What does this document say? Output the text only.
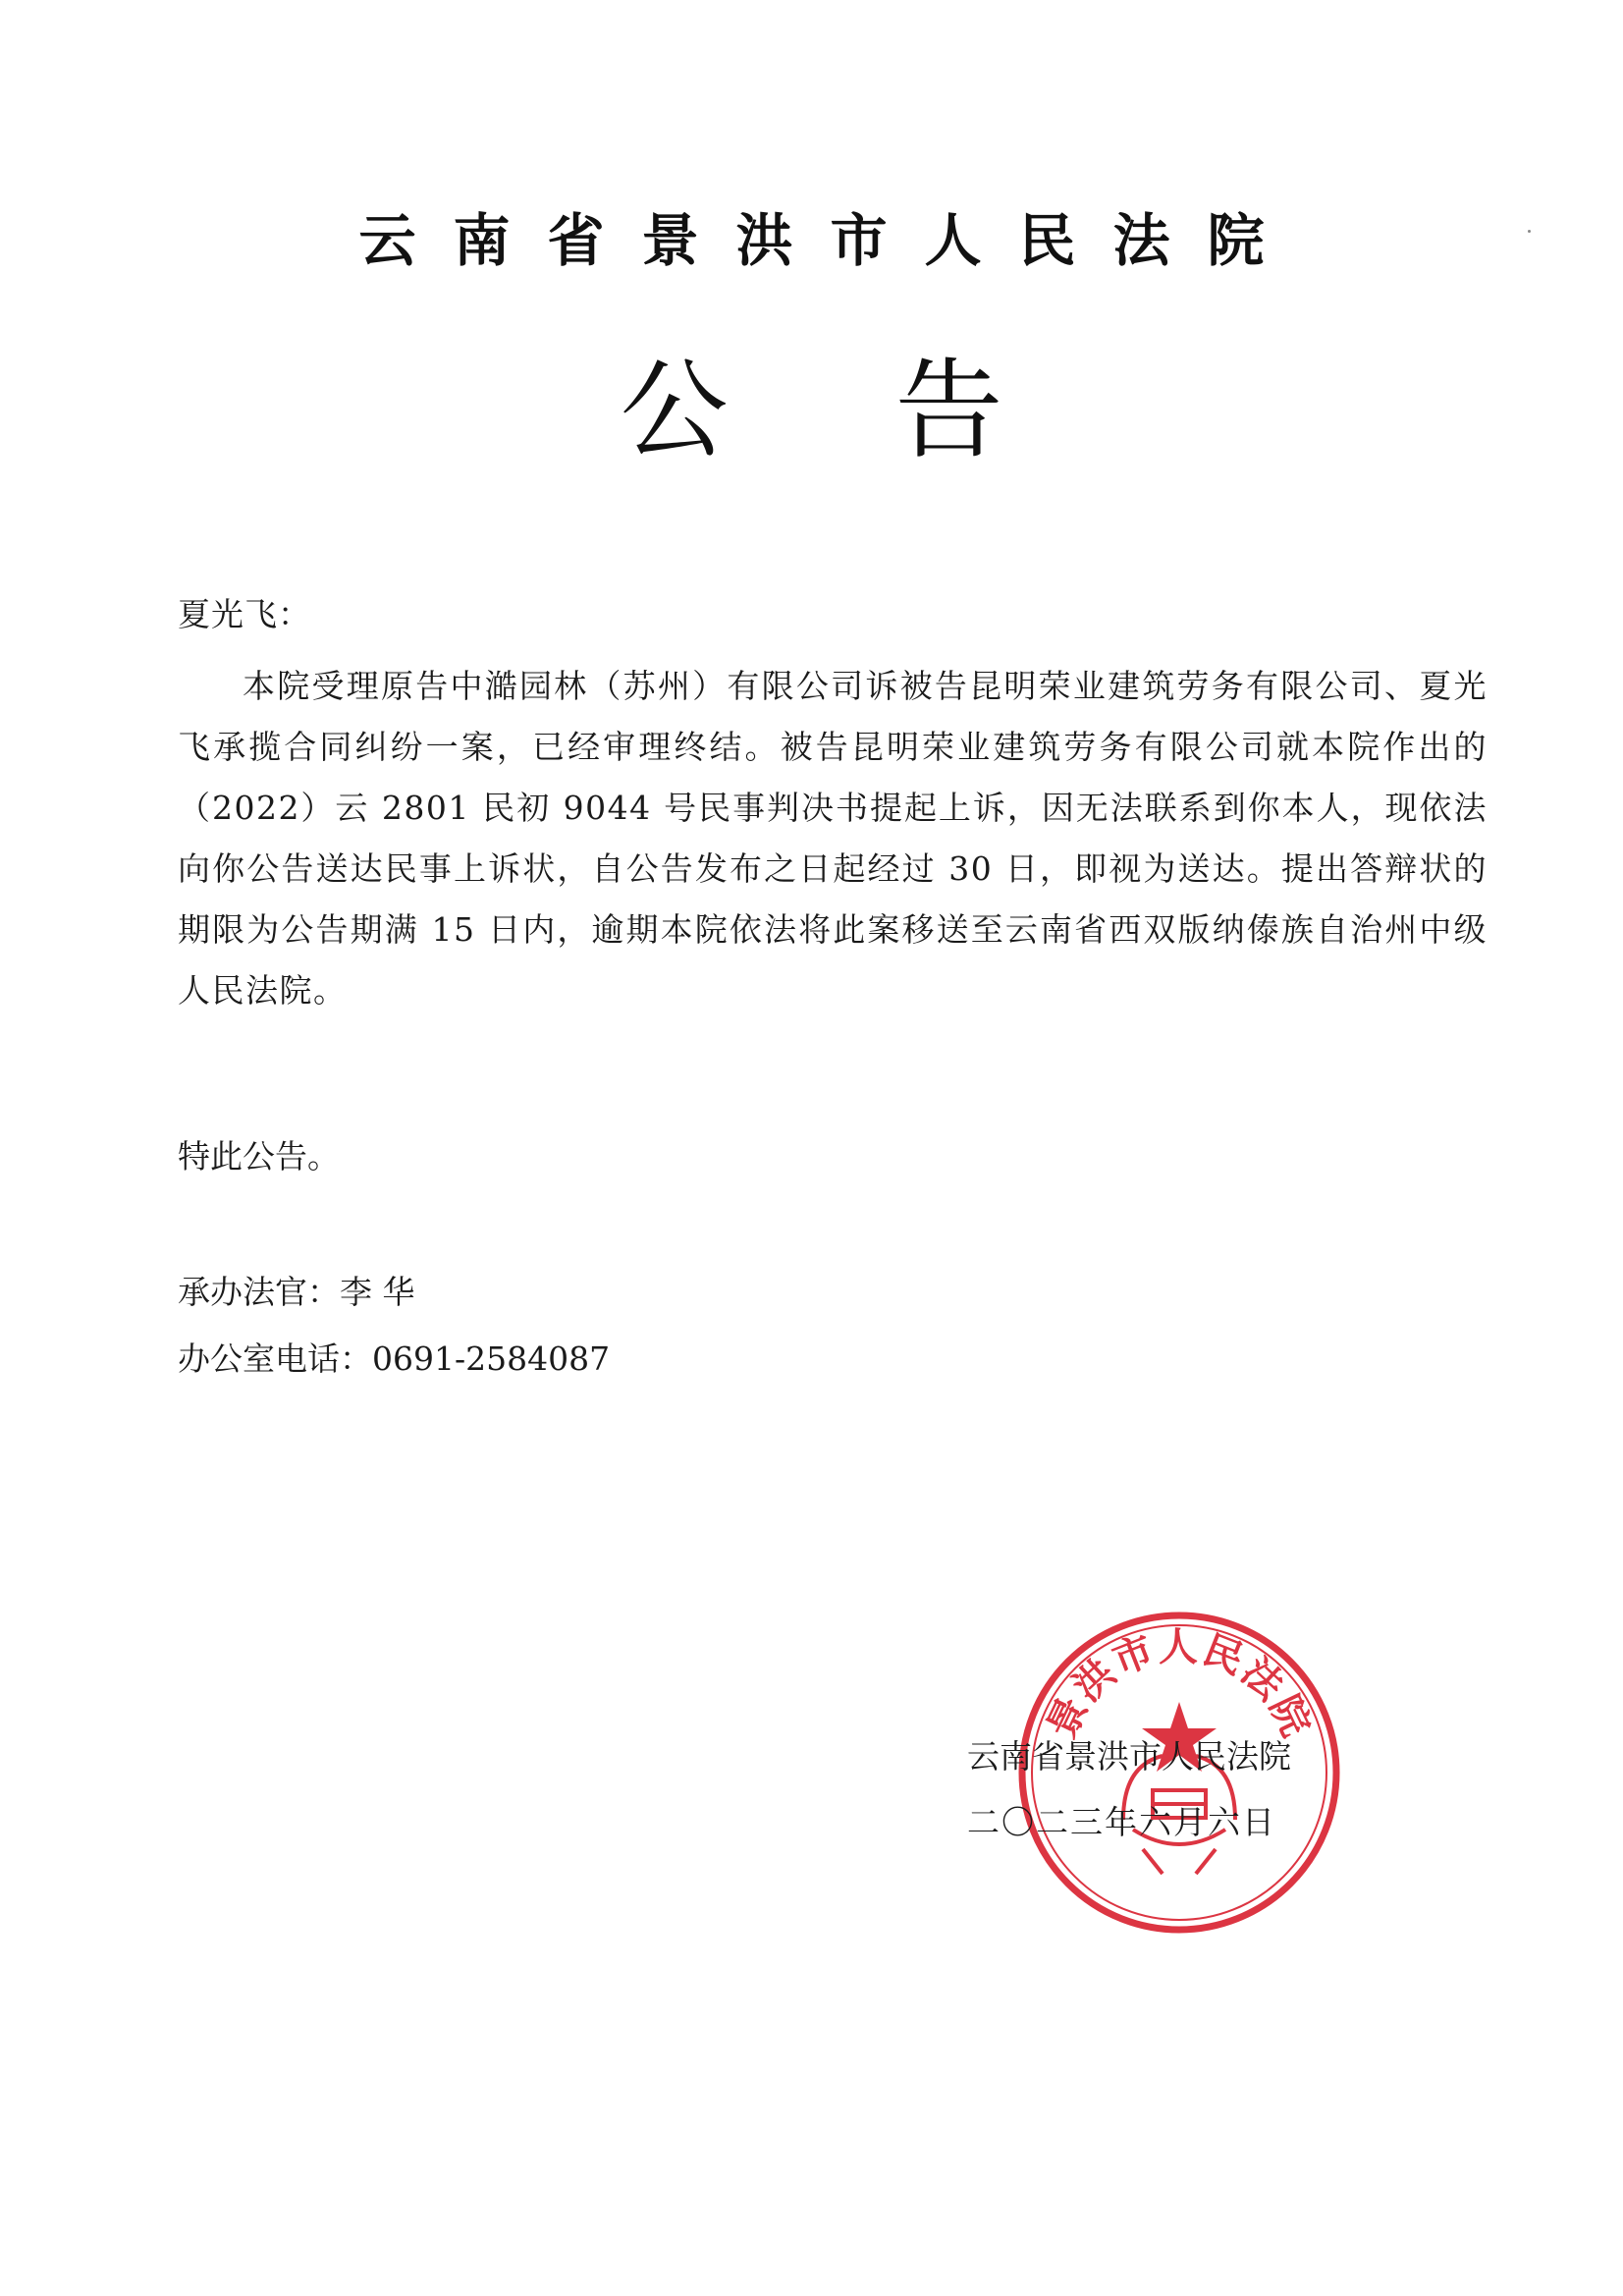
云南省景洪市人民法院
公告
夏光飞：

本院受理原告中澔园林（苏州）有限公司诉被告昆明荣业建筑劳务有限公司、夏光飞承揽合同纠纷一案，已经审理终结。被告昆明荣业建筑劳务有限公司就本院作出的（2022）云 2801 民初 9044 号民事判决书提起上诉，因无法联系到你本人，现依法向你公告送达民事上诉状，自公告发布之日起经过 30 日，即视为送达。提出答辩状的期限为公告期满 15 日内，逾期本院依法将此案移送至云南省西双版纳傣族自治州中级人民法院。

特此公告。
承办法官：李 华
办公室电话：0691-2584087
景洪市人民法院
云南省景洪市人民法院
二〇二三年六月六日
